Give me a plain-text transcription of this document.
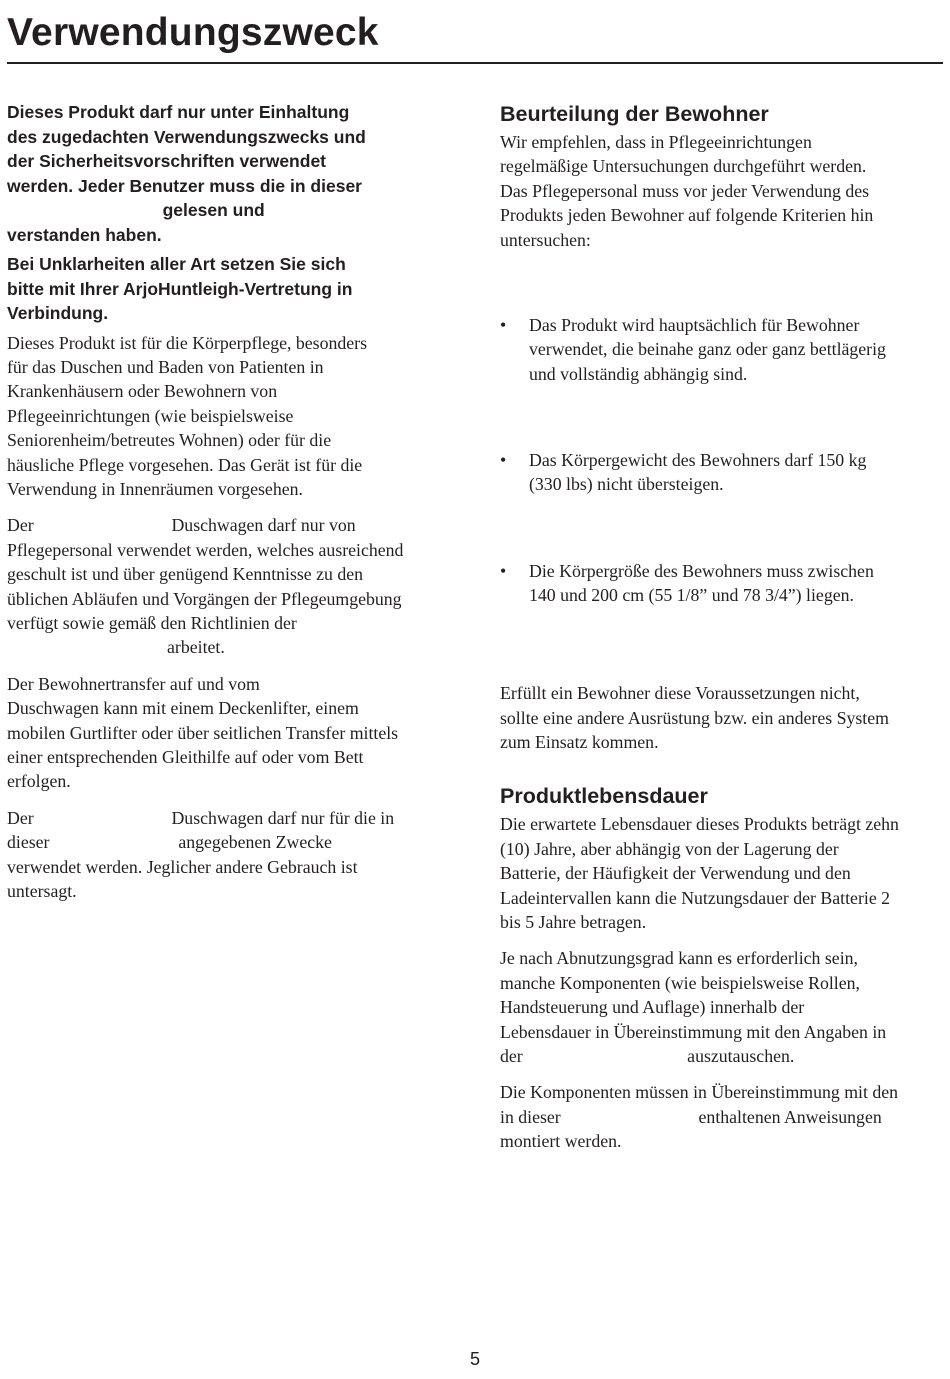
Verwendungszweck

Dieses Produkt darf nur unter Einhaltung
des zugedachten Verwendungszwecks und
der Sicherheitsvorschriften verwendet
werden. Jeder Benutzer muss die in dieser
gelesen und
verstanden haben.

Bei Unklarheiten aller Art setzen Sie sich
bitte mit Ihrer ArjoHuntleigh-Vertretung in
Verbindung.

Dieses Produkt ist für die Körperpflege, besonders
für das Duschen und Baden von Patienten in
Krankenhäusern oder Bewohnern von
Pflegeeinrichtungen (wie beispielsweise
Seniorenheim/betreutes Wohnen) oder für die
häusliche Pflege vorgesehen. Das Gerät ist für die
Verwendung in Innenräumen vorgesehen.

Der                               Duschwagen darf nur von
Pflegepersonal verwendet werden, welches ausreichend
geschult ist und über genügend Kenntnisse zu den
üblichen Abläufen und Vorgängen der Pflegeumgebung
verfügt sowie gemäß den Richtlinien der
arbeitet.

Der Bewohnertransfer auf und vom
Duschwagen kann mit einem Deckenlifter, einem
mobilen Gurtlifter oder über seitlichen Transfer mittels
einer entsprechenden Gleithilfe auf oder vom Bett
erfolgen.

Der                               Duschwagen darf nur für die in
dieser                             angegebenen Zwecke
verwendet werden. Jeglicher andere Gebrauch ist
untersagt.

Beurteilung der Bewohner

Wir empfehlen, dass in Pflegeeinrichtungen
regelmäßige Untersuchungen durchgeführt werden.
Das Pflegepersonal muss vor jeder Verwendung des
Produkts jeden Bewohner auf folgende Kriterien hin
untersuchen:

• Das Produkt wird hauptsächlich für Bewohner
verwendet, die beinahe ganz oder ganz bettlägerig
und vollständig abhängig sind.

• Das Körpergewicht des Bewohners darf 150 kg
(330 lbs) nicht übersteigen.

• Die Körpergröße des Bewohners muss zwischen
140 und 200 cm (55 1/8” und 78 3/4”) liegen.

Erfüllt ein Bewohner diese Voraussetzungen nicht,
sollte eine andere Ausrüstung bzw. ein anderes System
zum Einsatz kommen.

Produktlebensdauer

Die erwartete Lebensdauer dieses Produkts beträgt zehn
(10) Jahre, aber abhängig von der Lagerung der
Batterie, der Häufigkeit der Verwendung und den
Ladeintervallen kann die Nutzungsdauer der Batterie 2
bis 5 Jahre betragen.

Je nach Abnutzungsgrad kann es erforderlich sein,
manche Komponenten (wie beispielsweise Rollen,
Handsteuerung und Auflage) innerhalb der
Lebensdauer in Übereinstimmung mit den Angaben in
der                                     auszutauschen.

Die Komponenten müssen in Übereinstimmung mit den
in dieser                               enthaltenen Anweisungen
montiert werden.

5
